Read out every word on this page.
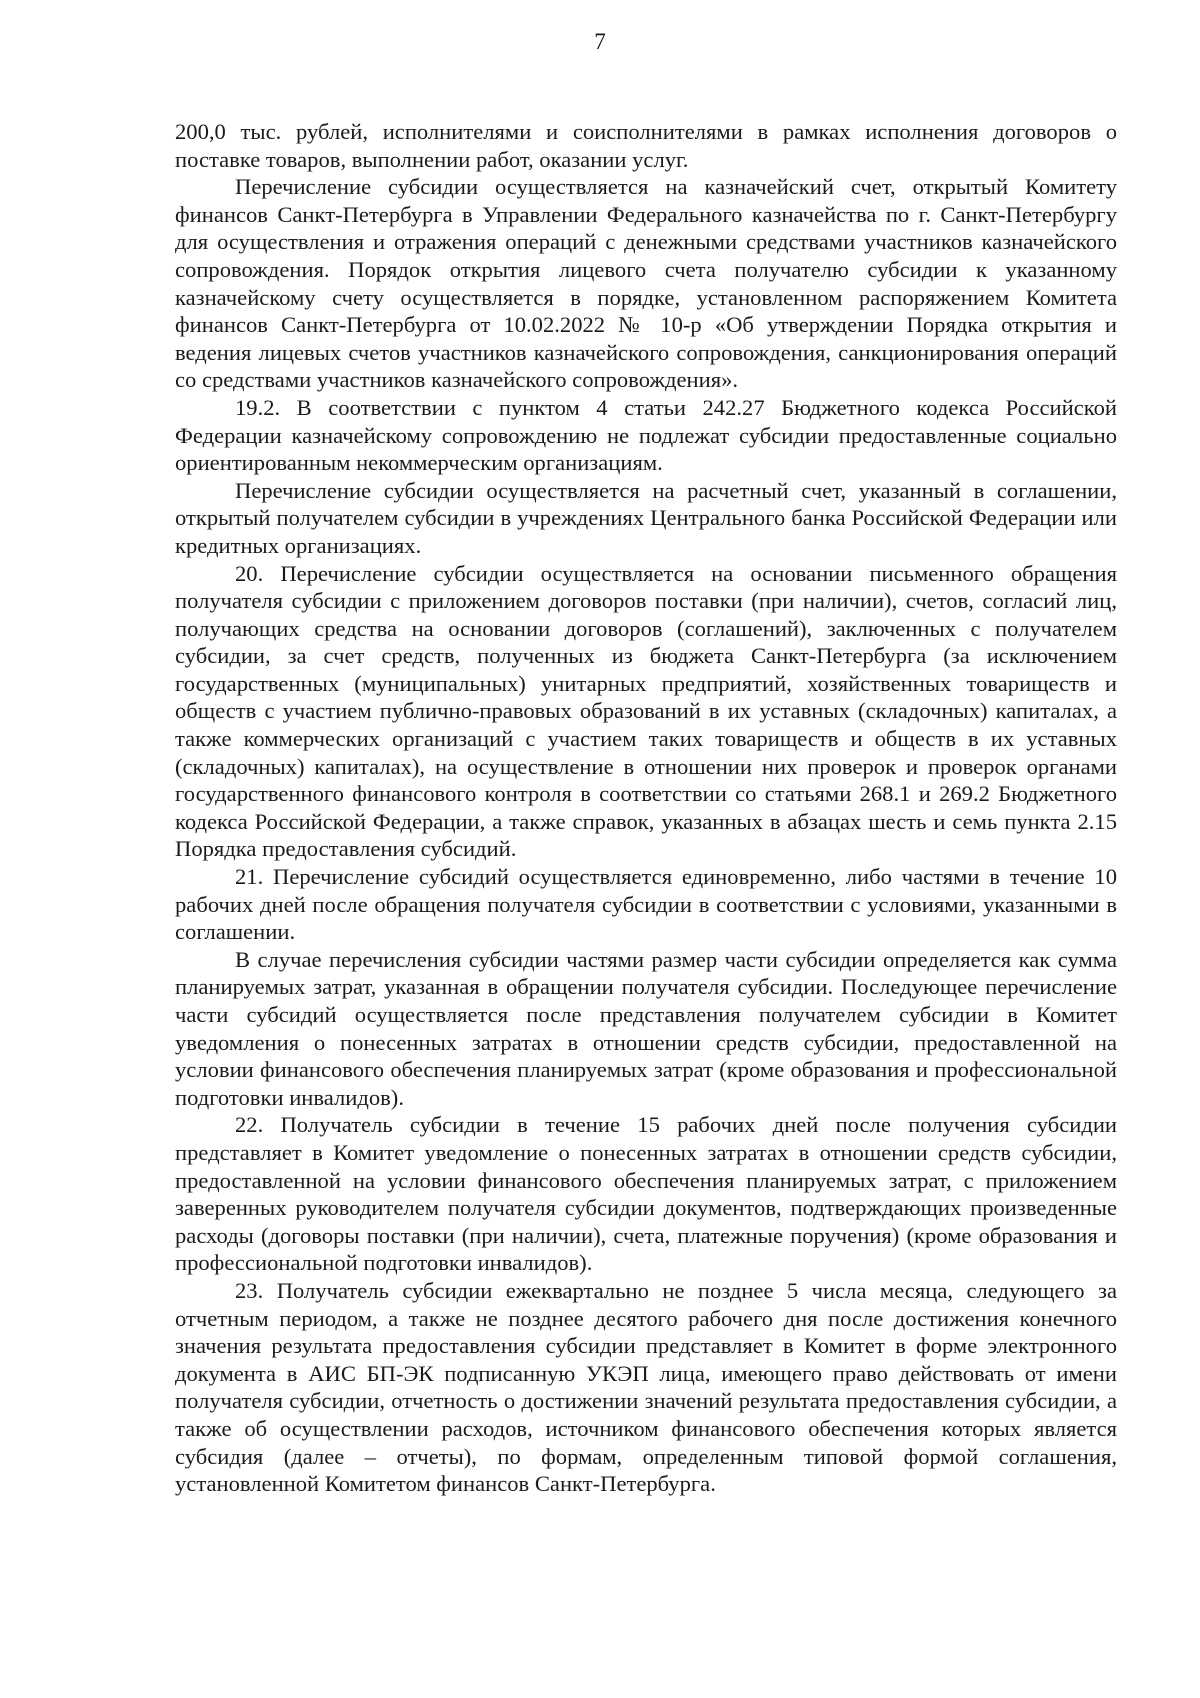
7

200,0 тыс. рублей, исполнителями и соисполнителями в рамках исполнения договоров о поставке товаров, выполнении работ, оказании услуг.

Перечисление субсидии осуществляется на казначейский счет, открытый Комитету финансов Санкт-Петербурга в Управлении Федерального казначейства по г. Санкт-Петербургу для осуществления и отражения операций с денежными средствами участников казначейского сопровождения. Порядок открытия лицевого счета получателю субсидии к указанному казначейскому счету осуществляется в порядке, установленном распоряжением Комитета финансов Санкт-Петербурга от 10.02.2022 № 10-р «Об утверждении Порядка открытия и ведения лицевых счетов участников казначейского сопровождения, санкционирования операций со средствами участников казначейского сопровождения».

19.2. В соответствии с пунктом 4 статьи 242.27 Бюджетного кодекса Российской Федерации казначейскому сопровождению не подлежат субсидии предоставленные социально ориентированным некоммерческим организациям.

Перечисление субсидии осуществляется на расчетный счет, указанный в соглашении, открытый получателем субсидии в учреждениях Центрального банка Российской Федерации или кредитных организациях.

20. Перечисление субсидии осуществляется на основании письменного обращения получателя субсидии с приложением договоров поставки (при наличии), счетов, согласий лиц, получающих средства на основании договоров (соглашений), заключенных с получателем субсидии, за счет средств, полученных из бюджета Санкт-Петербурга (за исключением государственных (муниципальных) унитарных предприятий, хозяйственных товариществ и обществ с участием публично-правовых образований в их уставных (складочных) капиталах, а также коммерческих организаций с участием таких товариществ и обществ в их уставных (складочных) капиталах), на осуществление в отношении них проверок и проверок органами государственного финансового контроля в соответствии со статьями 268.1 и 269.2 Бюджетного кодекса Российской Федерации, а также справок, указанных в абзацах шесть и семь пункта 2.15 Порядка предоставления субсидий.

21. Перечисление субсидий осуществляется единовременно, либо частями в течение 10 рабочих дней после обращения получателя субсидии в соответствии с условиями, указанными в соглашении.

В случае перечисления субсидии частями размер части субсидии определяется как сумма планируемых затрат, указанная в обращении получателя субсидии. Последующее перечисление части субсидий осуществляется после представления получателем субсидии в Комитет уведомления о понесенных затратах в отношении средств субсидии, предоставленной на условии финансового обеспечения планируемых затрат (кроме образования и профессиональной подготовки инвалидов).

22. Получатель субсидии в течение 15 рабочих дней после получения субсидии представляет в Комитет уведомление о понесенных затратах в отношении средств субсидии, предоставленной на условии финансового обеспечения планируемых затрат, с приложением заверенных руководителем получателя субсидии документов, подтверждающих произведенные расходы (договоры поставки (при наличии), счета, платежные поручения) (кроме образования и профессиональной подготовки инвалидов).

23. Получатель субсидии ежеквартально не позднее 5 числа месяца, следующего за отчетным периодом, а также не позднее десятого рабочего дня после достижения конечного значения результата предоставления субсидии представляет в Комитет в форме электронного документа в АИС БП-ЭК подписанную УКЭП лица, имеющего право действовать от имени получателя субсидии, отчетность о достижении значений результата предоставления субсидии, а также об осуществлении расходов, источником финансового обеспечения которых является субсидия (далее – отчеты), по формам, определенным типовой формой соглашения, установленной Комитетом финансов Санкт-Петербурга.
